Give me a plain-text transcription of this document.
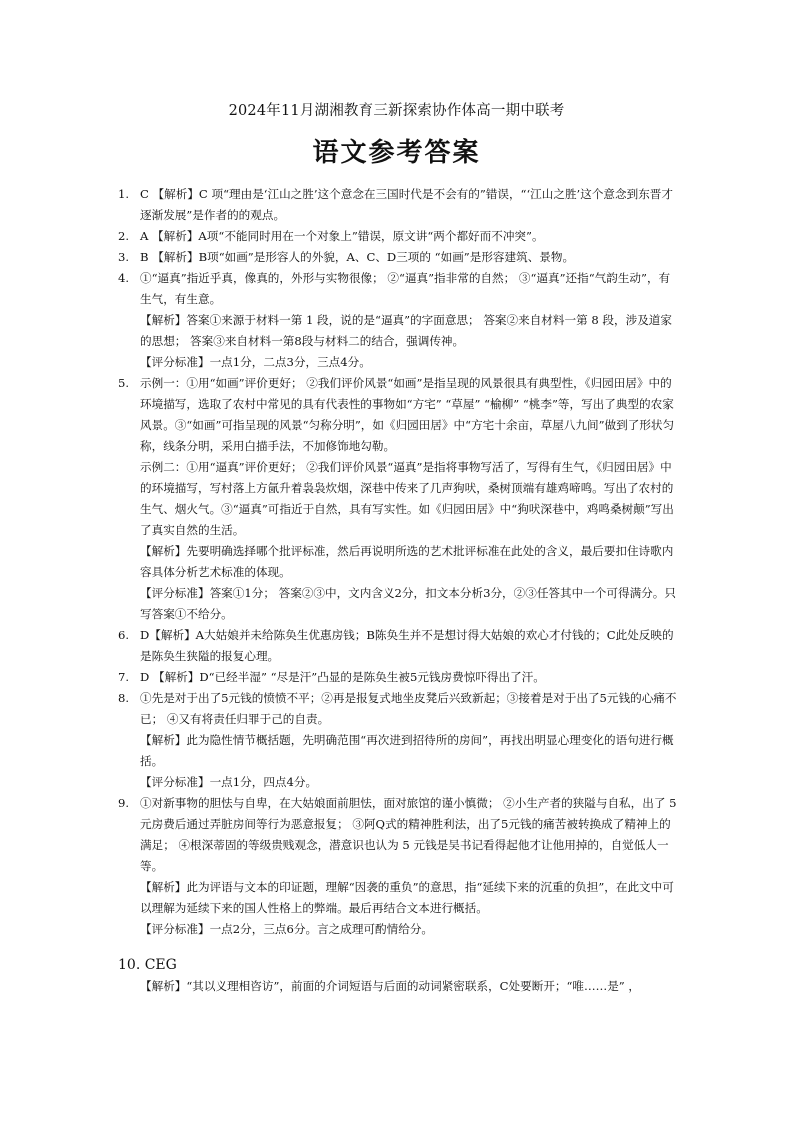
2024年11月湖湘教育三新探索协作体高一期中联考
语文参考答案
1. C 【解析】C 项“理由是‘江山之胜’这个意念在三国时代是不会有的”错误，“‘江山之胜’这个意念到东晋才逐渐发展”是作者的的观点。

2. A 【解析】A项“不能同时用在一个对象上”错误，原文讲“两个都好而不冲突”。

3. B 【解析】B项“如画”是形容人的外貌，A、C、D三项的 “如画”是形容建筑、景物。

4. ①“逼真”指近乎真，像真的，外形与实物很像； ②“逼真”指非常的自然； ③“逼真”还指“气韵生动”，有生气，有生意。

【解析】答案①来源于材料一第 1 段，说的是“逼真”的字面意思； 答案②来自材料一第 8 段，涉及道家的思想； 答案③来自材料一第8段与材料二的结合，强调传神。

【评分标准】一点1分，二点3分，三点4分。

5. 示例一：①用“如画”评价更好； ②我们评价风景“如画”是指呈现的风景很具有典型性，《归园田居》中的环境描写，选取了农村中常见的具有代表性的事物如“方宅” “草屋” “榆柳” “桃李”等，写出了典型的农家风景。③“如画”可指呈现的风景“匀称分明”，如《归园田居》中“方宅十余亩，草屋八九间”做到了形状匀称，线条分明，采用白描手法，不加修饰地勾勒。

示例二：①用“逼真”评价更好； ②我们评价风景“逼真”是指将事物写活了，写得有生气，《归园田居》中的环境描写，写村落上方氤升着袅袅炊烟，深巷中传来了几声狗吠，桑树顶端有雄鸡啼鸣。写出了农村的生气、烟火气。③“逼真”可指近于自然，具有写实性。如《归园田居》中“狗吠深巷中，鸡鸣桑树颠”写出了真实自然的生活。

【解析】先要明确选择哪个批评标准，然后再说明所选的艺术批评标准在此处的含义，最后要扣住诗歌内容具体分析艺术标准的体现。

【评分标准】答案①1分； 答案②③中，文内含义2分，扣文本分析3分，②③任答其中一个可得满分。只写答案①不给分。

6. D【解析】A大姑娘并未给陈奂生优惠房钱；B陈奂生并不是想讨得大姑娘的欢心才付钱的；C此处反映的是陈奂生狭隘的报复心理。

7. D 【解析】D“已经半湿” “尽是汗”凸显的是陈奂生被5元钱房费惊吓得出了汗。

8. ①先是对于出了5元钱的愤愤不平；②再是报复式地坐皮凳后兴致新起；③接着是对于出了5元钱的心痛不已； ④又有将责任归罪于己的自责。

【解析】此为隐性情节概括题，先明确范围“再次进到招待所的房间”，再找出明显心理变化的语句进行概括。

【评分标准】一点1分，四点4分。

9. ①对新事物的胆怯与自卑，在大姑娘面前胆怯，面对旅馆的谨小慎微； ②小生产者的狭隘与自私，出了 5 元房费后通过弄脏房间等行为恶意报复； ③阿Q式的精神胜利法，出了5元钱的痛苦被转换成了精神上的满足； ④根深蒂固的等级贵贱观念，潜意识也认为 5 元钱是吴书记看得起他才让他用掉的，自觉低人一等。

【解析】此为评语与文本的印证题，理解“因袭的重负”的意思，指“延续下来的沉重的负担”，在此文中可以理解为延续下来的国人性格上的弊端。最后再结合文本进行概括。

【评分标准】一点2分，三点6分。言之成理可酌情给分。

10. CEG
【解析】“其以义理相咨访”，前面的介词短语与后面的动词紧密联系，C处要断开；“唯……是” ，
